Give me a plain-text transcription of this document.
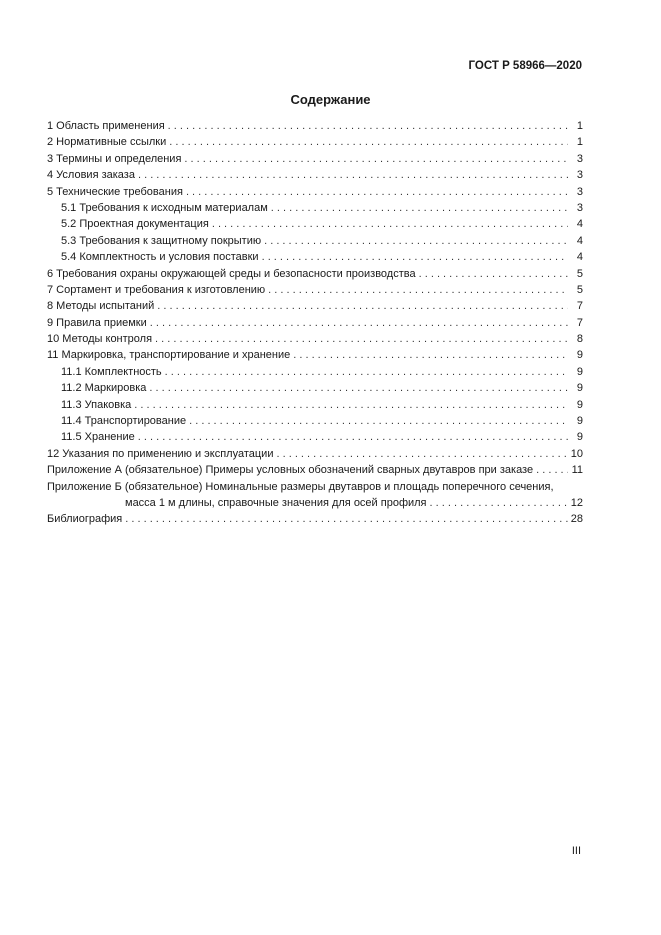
ГОСТ Р 58966—2020
Содержание
1 Область применения . . .	1
2 Нормативные ссылки . . .	1
3 Термины и определения . . .	3
4 Условия заказа . . .	3
5 Технические требования . . .	3
5.1 Требования к исходным материалам . . .	3
5.2 Проектная документация . . .	4
5.3 Требования к защитному покрытию . . .	4
5.4 Комплектность и условия поставки . . .	4
6 Требования охраны окружающей среды и безопасности производства . . .	5
7 Сортамент и требования к изготовлению . . .	5
8 Методы испытаний . . .	7
9 Правила приемки . . .	7
10 Методы контроля . . .	8
11 Маркировка, транспортирование и хранение . . .	9
11.1 Комплектность . . .	9
11.2 Маркировка . . .	9
11.3 Упаковка . . .	9
11.4 Транспортирование . . .	9
11.5 Хранение . . .	9
12 Указания по применению и эксплуатации . . .	10
Приложение А (обязательное) Примеры условных обозначений сварных двутавров при заказе . . .	11
Приложение Б (обязательное) Номинальные размеры двутавров и площадь поперечного сечения,
масса 1 м длины, справочные значения для осей профиля . . .	12
Библиография . . .	28
III
